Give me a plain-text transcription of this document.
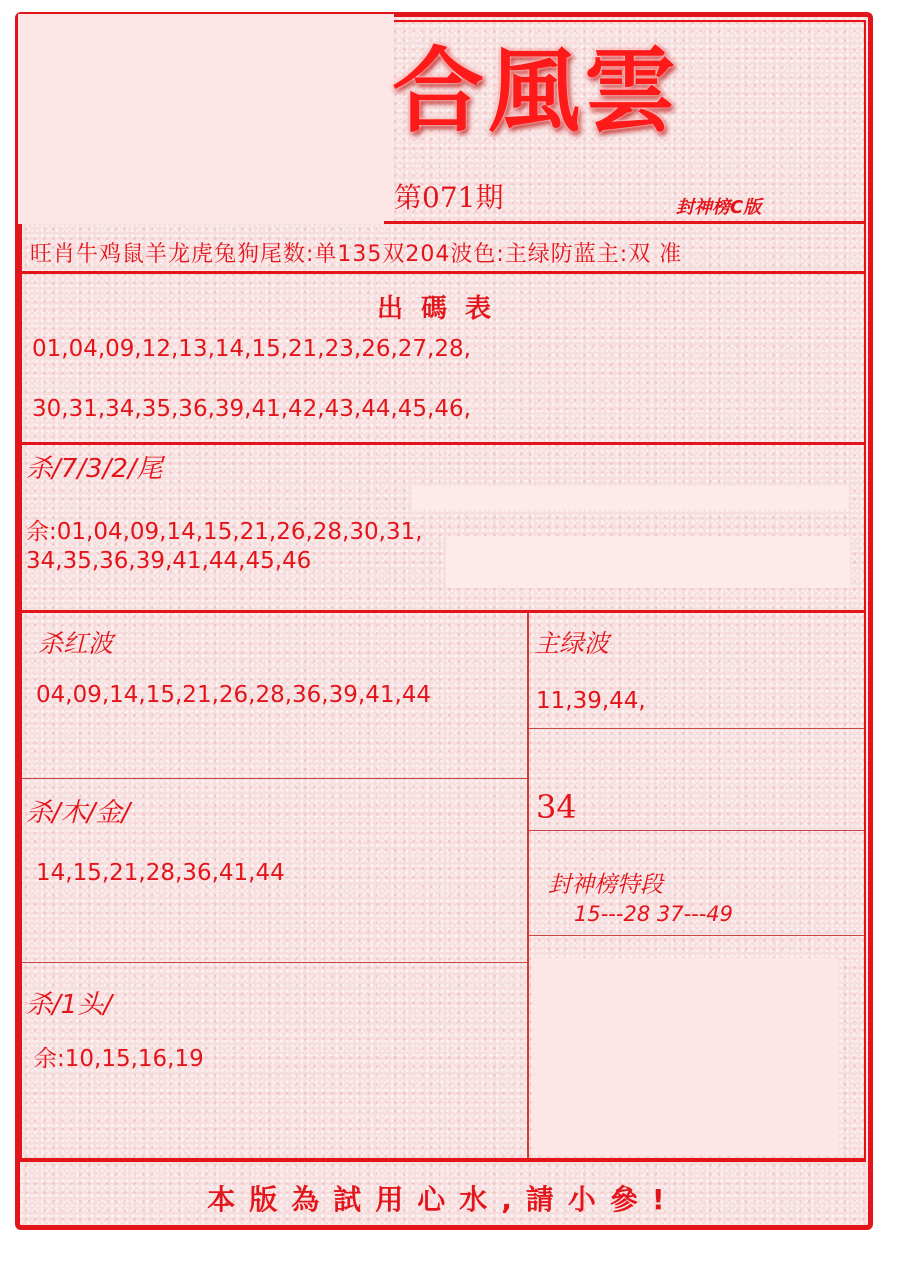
合風雲
第071期	封神榜C版
旺肖牛鸡鼠羊龙虎兔狗尾数:单135双204波色:主绿防蓝主:双 准
出碼表
01,04,09,12,13,14,15,21,23,26,27,28,
30,31,34,35,36,39,41,42,43,44,45,46,
杀/7/3/2/尾
余:01,04,09,14,15,21,26,28,30,31,
34,35,36,39,41,44,45,46
杀红波
04,09,14,15,21,26,28,36,39,41,44
主绿波
11,39,44,
34
杀/木/金/
14,15,21,28,36,41,44	封神榜特段
15---28 37---49
杀/1头/
余:10,15,16,19
本版為試用心水,請小參!
